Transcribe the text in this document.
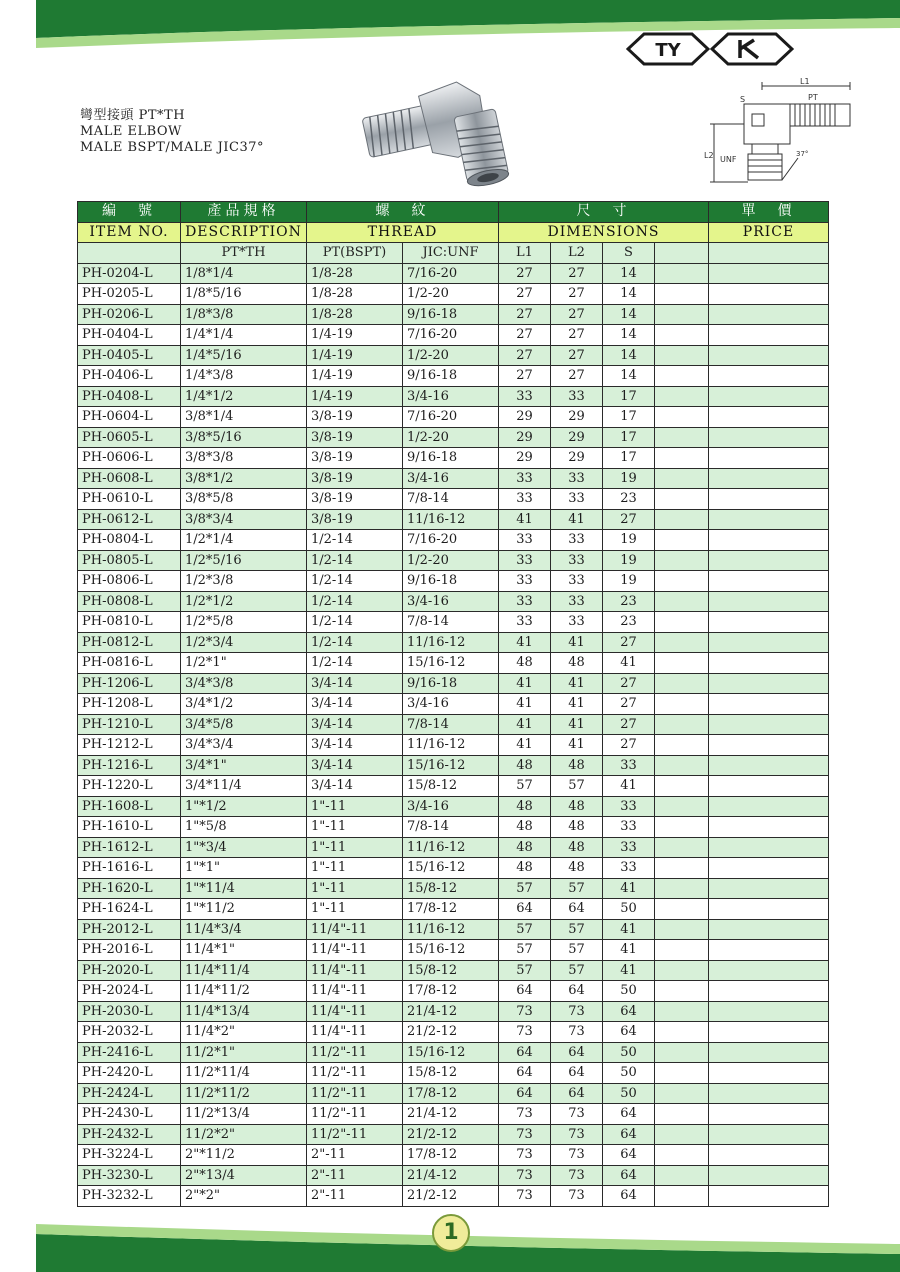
TY	K
彎型接頭 PT*TH
MALE ELBOW
MALE BSPT/MALE JIC37°
L1
PT
S
L2 UNF
37°
編　號	產品規格	螺　紋		尺　寸				單　價
ITEM NO.	DESCRIPTION	THREAD		DIMENSIONS				PRICE
	PT*TH	PT(BSPT)	JIC:UNF	L1	L2	S		
PH-0204-L	1/8*1/4	1/8-28	7/16-20	27	27	14		
PH-0205-L	1/8*5/16	1/8-28	1/2-20	27	27	14		
PH-0206-L	1/8*3/8	1/8-28	9/16-18	27	27	14		
PH-0404-L	1/4*1/4	1/4-19	7/16-20	27	27	14		
PH-0405-L	1/4*5/16	1/4-19	1/2-20	27	27	14		
PH-0406-L	1/4*3/8	1/4-19	9/16-18	27	27	14		
PH-0408-L	1/4*1/2	1/4-19	3/4-16	33	33	17		
PH-0604-L	3/8*1/4	3/8-19	7/16-20	29	29	17		
PH-0605-L	3/8*5/16	3/8-19	1/2-20	29	29	17		
PH-0606-L	3/8*3/8	3/8-19	9/16-18	29	29	17		
PH-0608-L	3/8*1/2	3/8-19	3/4-16	33	33	19		
PH-0610-L	3/8*5/8	3/8-19	7/8-14	33	33	23		
PH-0612-L	3/8*3/4	3/8-19	11/16-12	41	41	27		
PH-0804-L	1/2*1/4	1/2-14	7/16-20	33	33	19		
PH-0805-L	1/2*5/16	1/2-14	1/2-20	33	33	19		
PH-0806-L	1/2*3/8	1/2-14	9/16-18	33	33	19		
PH-0808-L	1/2*1/2	1/2-14	3/4-16	33	33	23		
PH-0810-L	1/2*5/8	1/2-14	7/8-14	33	33	23		
PH-0812-L	1/2*3/4	1/2-14	11/16-12	41	41	27		
PH-0816-L	1/2*1"	1/2-14	15/16-12	48	48	41		
PH-1206-L	3/4*3/8	3/4-14	9/16-18	41	41	27		
PH-1208-L	3/4*1/2	3/4-14	3/4-16	41	41	27		
PH-1210-L	3/4*5/8	3/4-14	7/8-14	41	41	27		
PH-1212-L	3/4*3/4	3/4-14	11/16-12	41	41	27		
PH-1216-L	3/4*1"	3/4-14	15/16-12	48	48	33		
PH-1220-L	3/4*11/4	3/4-14	15/8-12	57	57	41		
PH-1608-L	1"*1/2	1"-11	3/4-16	48	48	33		
PH-1610-L	1"*5/8	1"-11	7/8-14	48	48	33		
PH-1612-L	1"*3/4	1"-11	11/16-12	48	48	33		
PH-1616-L	1"*1"	1"-11	15/16-12	48	48	33		
PH-1620-L	1"*11/4	1"-11	15/8-12	57	57	41		
PH-1624-L	1"*11/2	1"-11	17/8-12	64	64	50		
PH-2012-L	11/4*3/4	11/4"-11	11/16-12	57	57	41		
PH-2016-L	11/4*1"	11/4"-11	15/16-12	57	57	41		
PH-2020-L	11/4*11/4	11/4"-11	15/8-12	57	57	41		
PH-2024-L	11/4*11/2	11/4"-11	17/8-12	64	64	50		
PH-2030-L	11/4*13/4	11/4"-11	21/4-12	73	73	64		
PH-2032-L	11/4*2"	11/4"-11	21/2-12	73	73	64		
PH-2416-L	11/2*1"	11/2"-11	15/16-12	64	64	50		
PH-2420-L	11/2*11/4	11/2"-11	15/8-12	64	64	50		
PH-2424-L	11/2*11/2	11/2"-11	17/8-12	64	64	50		
PH-2430-L	11/2*13/4	11/2"-11	21/4-12	73	73	64		
PH-2432-L	11/2*2"	11/2"-11	21/2-12	73	73	64		
PH-3224-L	2"*11/2	2"-11	17/8-12	73	73	64		
PH-3230-L	2"*13/4	2"-11	21/4-12	73	73	64		
PH-3232-L	2"*2"	2"-11	21/2-12	73	73	64		
1
